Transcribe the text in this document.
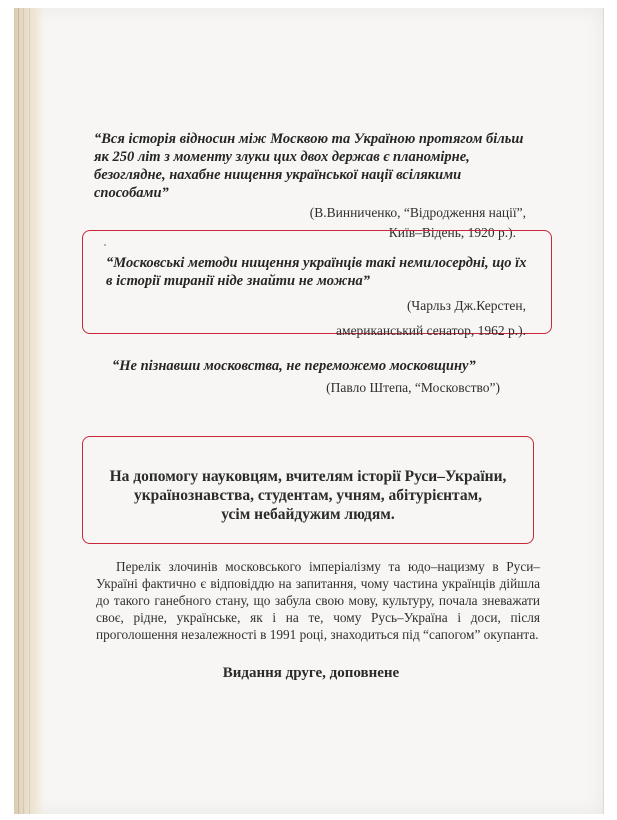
“Вся історія відносин між Москвою та Україною протягом більш як 250 літ з моменту злуки цих двох держав є планомірне, безоглядне, нахабне нищення української нації всілякими способами”
(В.Винниченко, “Відродження нації”,
Київ–Відень, 1920 р.).
“Московські методи нищення українців такі немилосердні, що їх в історії тиранії ніде знайти не можна”
(Чарльз Дж.Керстен,
американський сенатор, 1962 р.).
“Не пізнавши московства, не переможемо московщину”
(Павло Штепа, “Московство”)
На допомогу науковцям, вчителям історії Руси–України,
українознавства, студентам, учням, абітурієнтам,
усім небайдужим людям.
Перелік злочинів московського імперіалізму та юдо–нацизму в Руси–Україні фактично є відповіддю на запитання, чому частина українців дійшла до такого ганебного стану, що забула свою мову, культуру, почала зневажати своє, рідне, українське, як і на те, чому Русь–Україна і доси, після проголошення незалежності в 1991 році, знаходиться під “сапогом” окупанта.
Видання друге, доповнене
